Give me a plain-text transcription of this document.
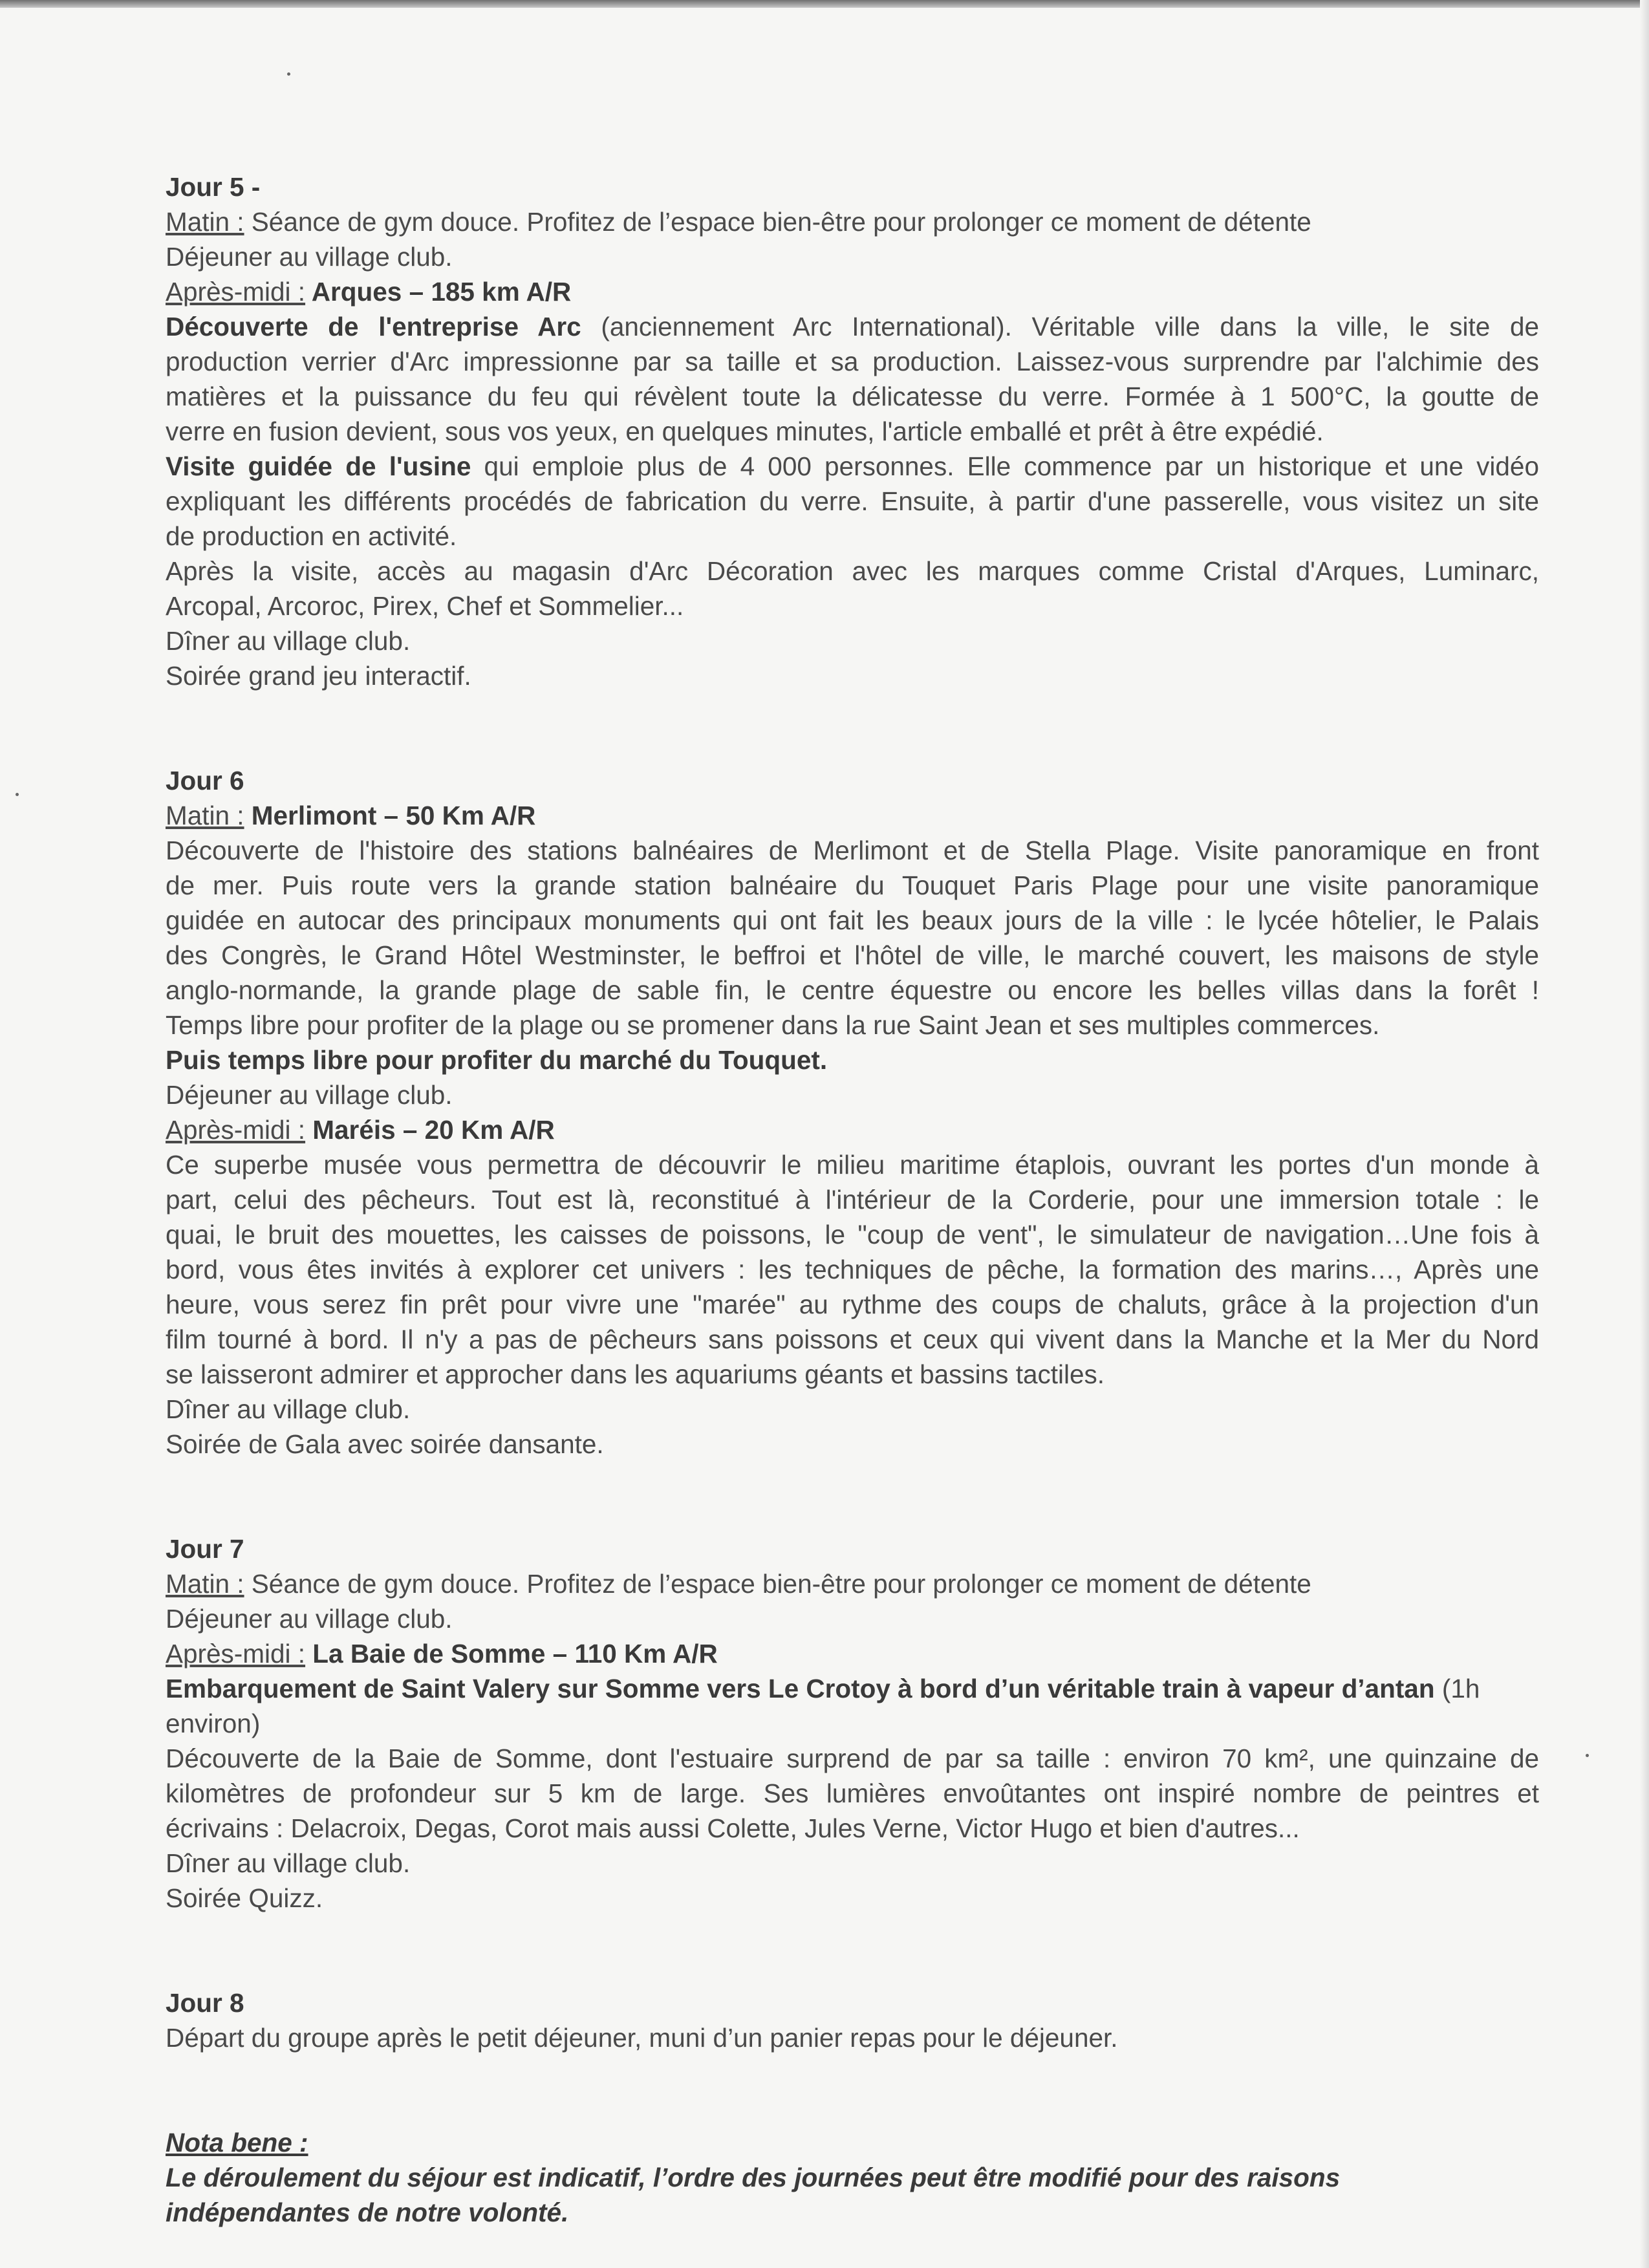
Jour 5 -
Matin : Séance de gym douce. Profitez de l’espace bien-être pour prolonger ce moment de détente
Déjeuner au village club.
Après-midi : Arques – 185 km A/R
Découverte de l'entreprise Arc (anciennement Arc International). Véritable ville dans la ville, le site de
production verrier d'Arc impressionne par sa taille et sa production. Laissez-vous surprendre par l'alchimie des
matières et la puissance du feu qui révèlent toute la délicatesse du verre. Formée à 1 500°C, la goutte de
verre en fusion devient, sous vos yeux, en quelques minutes, l'article emballé et prêt à être expédié.
Visite guidée de l'usine qui emploie plus de 4 000 personnes. Elle commence par un historique et une vidéo
expliquant les différents procédés de fabrication du verre. Ensuite, à partir d'une passerelle, vous visitez un site
de production en activité.
Après la visite, accès au magasin d'Arc Décoration avec les marques comme Cristal d'Arques, Luminarc,
Arcopal, Arcoroc, Pirex, Chef et Sommelier...
Dîner au village club.
Soirée grand jeu interactif.
Jour 6
Matin : Merlimont – 50 Km A/R
Découverte de l'histoire des stations balnéaires de Merlimont et de Stella Plage. Visite panoramique en front
de mer. Puis route vers la grande station balnéaire du Touquet Paris Plage pour une visite panoramique
guidée en autocar des principaux monuments qui ont fait les beaux jours de la ville : le lycée hôtelier, le Palais
des Congrès, le Grand Hôtel Westminster, le beffroi et l'hôtel de ville, le marché couvert, les maisons de style
anglo-normande, la grande plage de sable fin, le centre équestre ou encore les belles villas dans la forêt !
Temps libre pour profiter de la plage ou se promener dans la rue Saint Jean et ses multiples commerces.
Puis temps libre pour profiter du marché du Touquet.
Déjeuner au village club.
Après-midi : Maréis – 20 Km A/R
Ce superbe musée vous permettra de découvrir le milieu maritime étaplois, ouvrant les portes d'un monde à
part, celui des pêcheurs. Tout est là, reconstitué à l'intérieur de la Corderie, pour une immersion totale : le
quai, le bruit des mouettes, les caisses de poissons, le "coup de vent", le simulateur de navigation…Une fois à
bord, vous êtes invités à explorer cet univers : les techniques de pêche, la formation des marins…, Après une
heure, vous serez fin prêt pour vivre une "marée" au rythme des coups de chaluts, grâce à la projection d'un
film tourné à bord. Il n'y a pas de pêcheurs sans poissons et ceux qui vivent dans la Manche et la Mer du Nord
se laisseront admirer et approcher dans les aquariums géants et bassins tactiles.
Dîner au village club.
Soirée de Gala avec soirée dansante.
Jour 7
Matin : Séance de gym douce. Profitez de l’espace bien-être pour prolonger ce moment de détente
Déjeuner au village club.
Après-midi : La Baie de Somme – 110 Km A/R
Embarquement de Saint Valery sur Somme vers Le Crotoy à bord d’un véritable train à vapeur d’antan (1h
environ)
Découverte de la Baie de Somme, dont l'estuaire surprend de par sa taille : environ 70 km², une quinzaine de
kilomètres de profondeur sur 5 km de large. Ses lumières envoûtantes ont inspiré nombre de peintres et
écrivains : Delacroix, Degas, Corot mais aussi Colette, Jules Verne, Victor Hugo et bien d'autres...
Dîner au village club.
Soirée Quizz.
Jour 8
Départ du groupe après le petit déjeuner, muni d’un panier repas pour le déjeuner.
Nota bene :
Le déroulement du séjour est indicatif, l’ordre des journées peut être modifié pour des raisons
indépendantes de notre volonté.
